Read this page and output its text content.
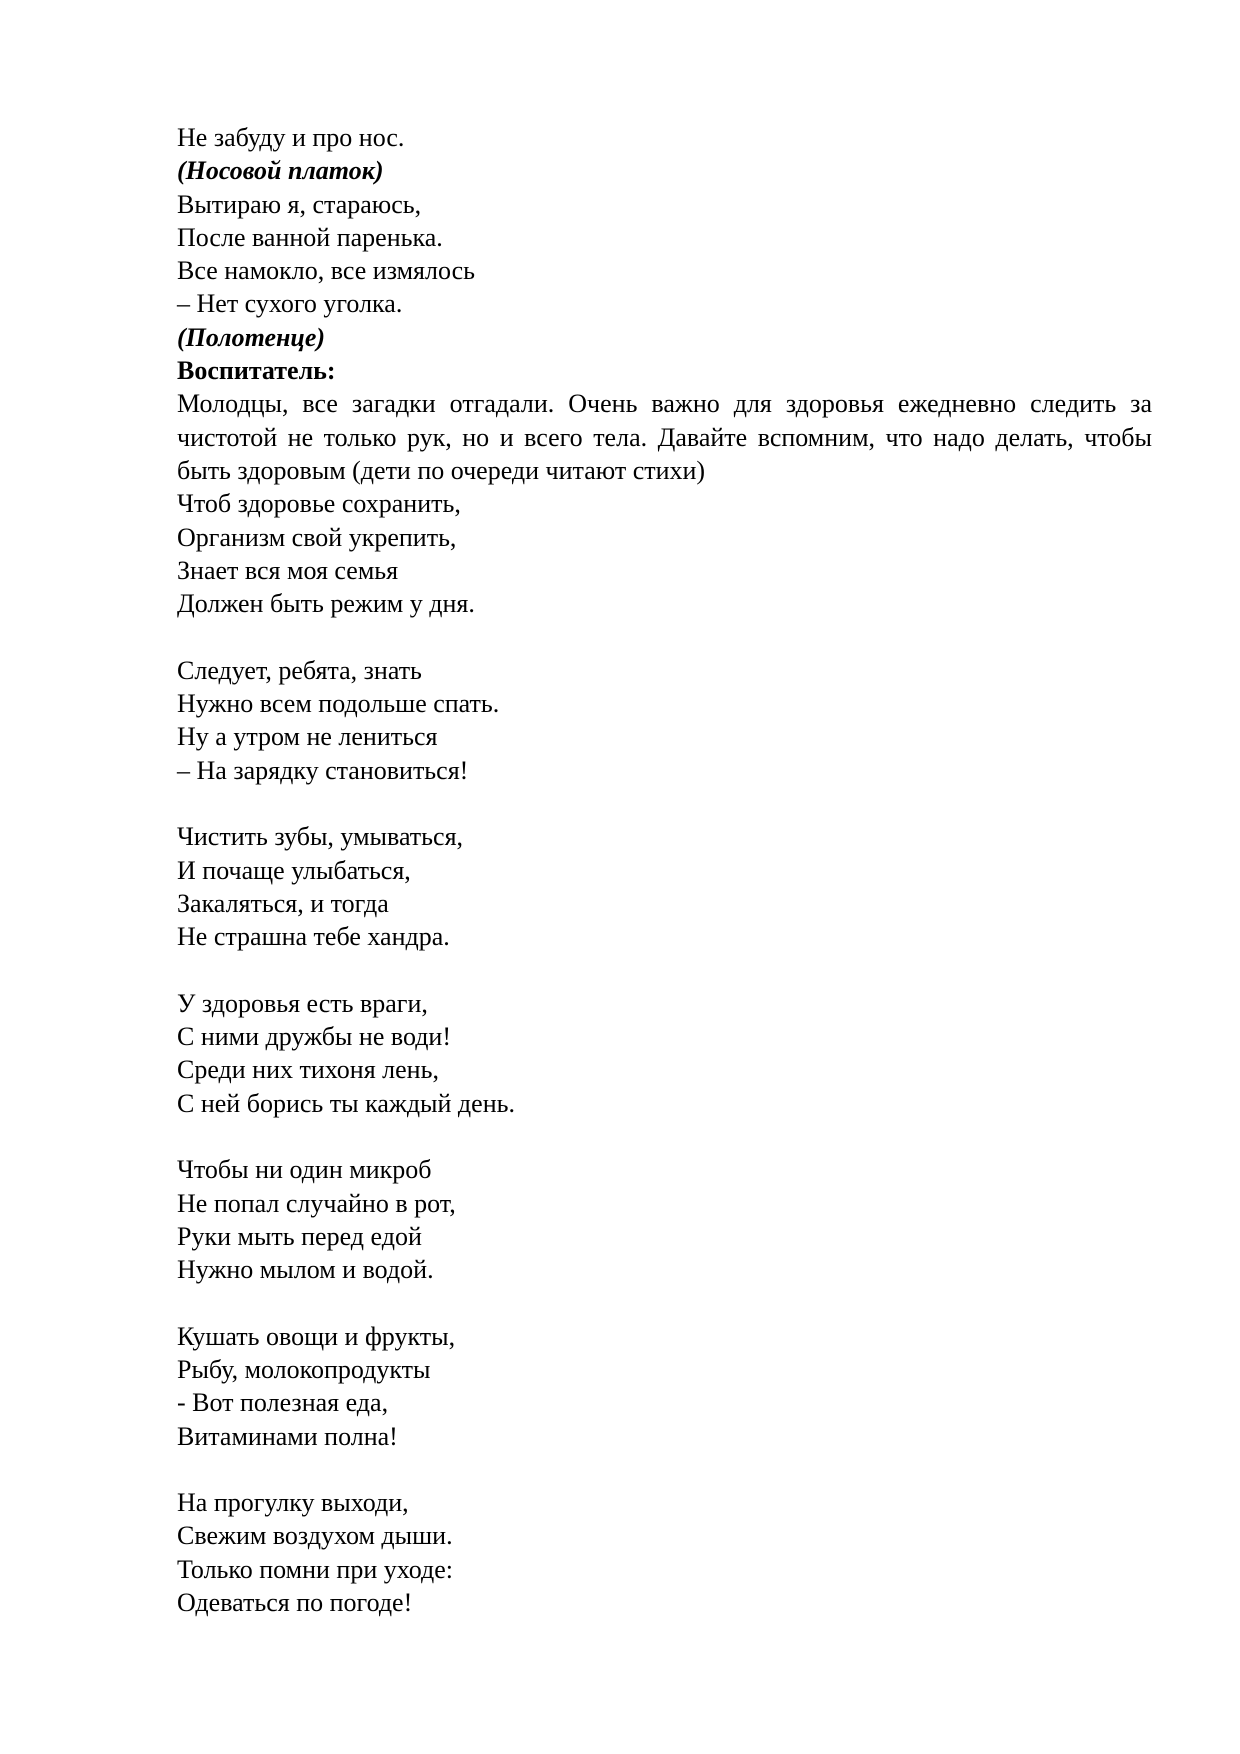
Не забуду и про нос.
(Носовой платок)
Вытираю я, стараюсь,
После ванной паренька.
Все намокло, все измялось
– Нет сухого уголка.
(Полотенце)
Воспитатель:

Молодцы, все загадки отгадали. Очень важно для здоровья ежедневно следить за чистотой не только рук, но и всего тела. Давайте вспомним, что надо делать, чтобы быть здоровым (дети по очереди читают стихи)

Чтоб здоровье сохранить,
Организм свой укрепить,
Знает вся моя семья
Должен быть режим у дня.
Следует, ребята, знать
Нужно всем подольше спать.
Ну а утром не лениться
– На зарядку становиться!
Чистить зубы, умываться,
И почаще улыбаться,
Закаляться, и тогда
Не страшна тебе хандра.
У здоровья есть враги,
С ними дружбы не води!
Среди них тихоня лень,
С ней борись ты каждый день.
Чтобы ни один микроб
Не попал случайно в рот,
Руки мыть перед едой
Нужно мылом и водой.
Кушать овощи и фрукты,
Рыбу, молокопродукты
- Вот полезная еда,
Витаминами полна!
На прогулку выходи,
Свежим воздухом дыши.
Только помни при уходе:
Одеваться по погоде!
